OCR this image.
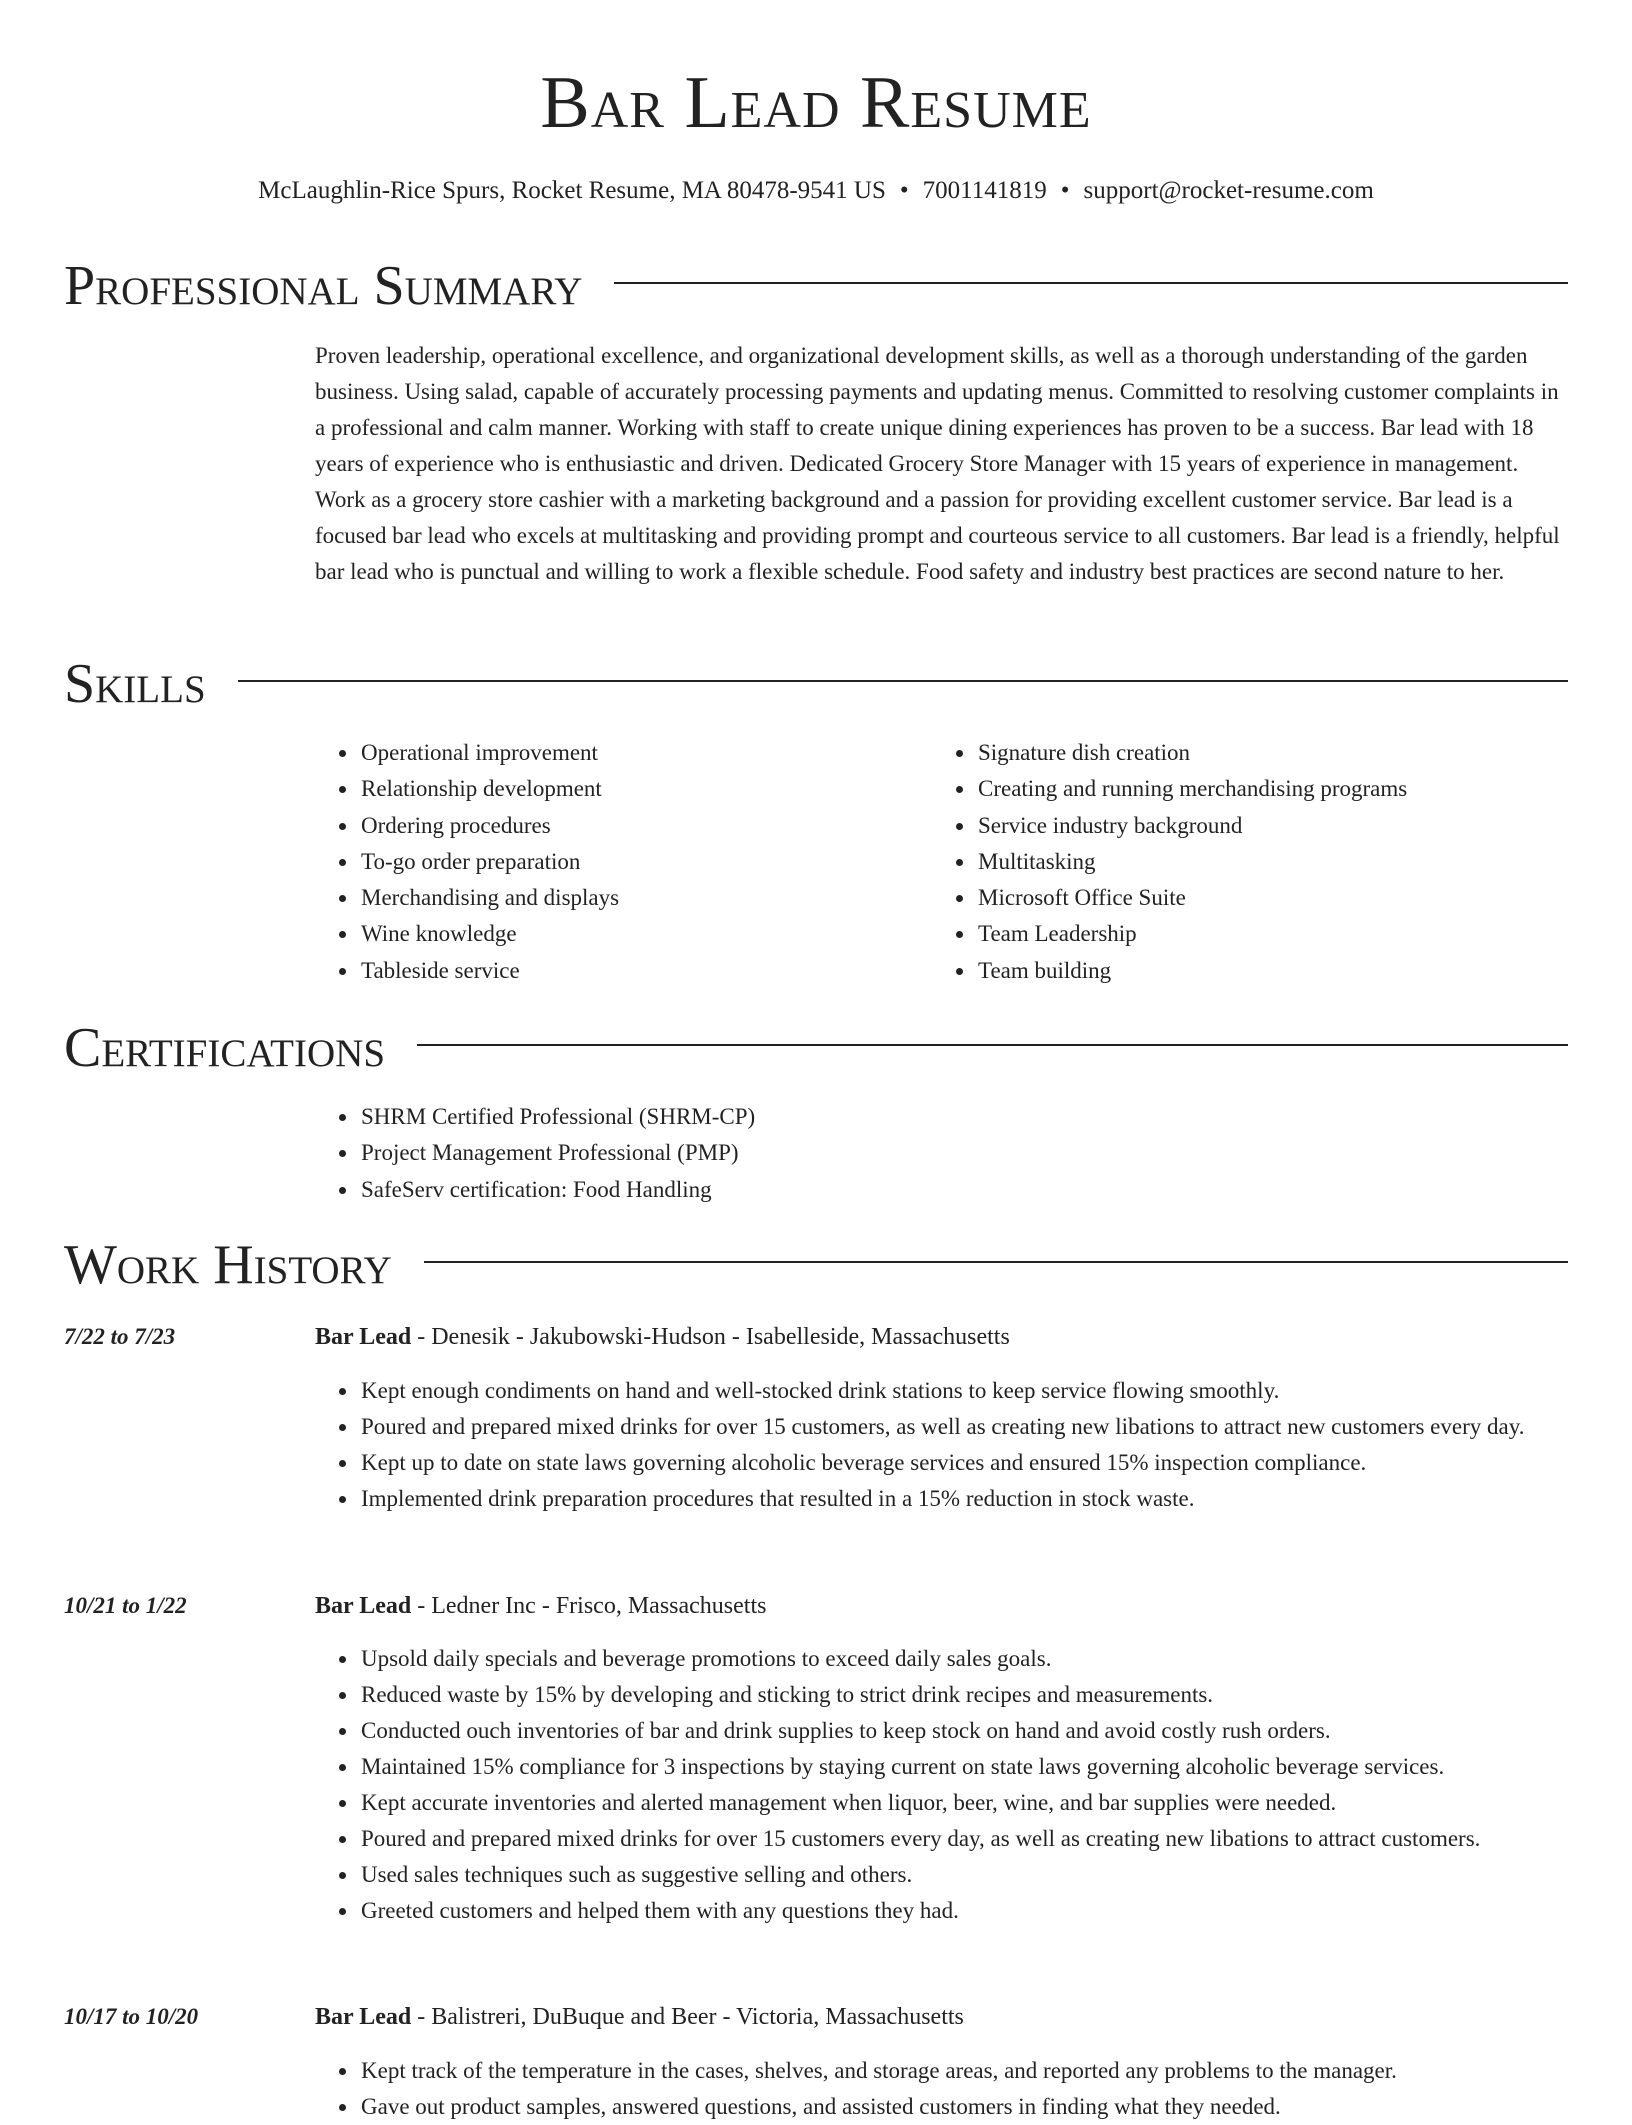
Bar Lead Resume
McLaughlin-Rice Spurs, Rocket Resume, MA 80478-9541 US • 7001141819 • support@rocket-resume.com
Professional Summary

Proven leadership, operational excellence, and organizational development skills, as well as a thorough understanding of the garden business. Using salad, capable of accurately processing payments and updating menus. Committed to resolving customer complaints in a professional and calm manner. Working with staff to create unique dining experiences has proven to be a success. Bar lead with 18 years of experience who is enthusiastic and driven. Dedicated Grocery Store Manager with 15 years of experience in management. Work as a grocery store cashier with a marketing background and a passion for providing excellent customer service. Bar lead is a focused bar lead who excels at multitasking and providing prompt and courteous service to all customers. Bar lead is a friendly, helpful bar lead who is punctual and willing to work a flexible schedule. Food safety and industry best practices are second nature to her.

Skills
• Operational improvement
• Relationship development
• Ordering procedures
• To-go order preparation
• Merchandising and displays
• Wine knowledge
• Tableside service
• Signature dish creation
• Creating and running merchandising programs
• Service industry background
• Multitasking
• Microsoft Office Suite
• Team Leadership
• Team building
Certifications
• SHRM Certified Professional (SHRM-CP)
• Project Management Professional (PMP)
• SafeServ certification: Food Handling
Work History
7/22 to 7/23	Bar Lead - Denesik - Jakubowski-Hudson - Isabelleside, Massachusetts
• Kept enough condiments on hand and well-stocked drink stations to keep service flowing smoothly.
• Poured and prepared mixed drinks for over 15 customers, as well as creating new libations to attract new customers every day.
• Kept up to date on state laws governing alcoholic beverage services and ensured 15% inspection compliance.
• Implemented drink preparation procedures that resulted in a 15% reduction in stock waste.
10/21 to 1/22	Bar Lead - Ledner Inc - Frisco, Massachusetts
• Upsold daily specials and beverage promotions to exceed daily sales goals.
• Reduced waste by 15% by developing and sticking to strict drink recipes and measurements.
• Conducted ouch inventories of bar and drink supplies to keep stock on hand and avoid costly rush orders.
• Maintained 15% compliance for 3 inspections by staying current on state laws governing alcoholic beverage services.
• Kept accurate inventories and alerted management when liquor, beer, wine, and bar supplies were needed.
• Poured and prepared mixed drinks for over 15 customers every day, as well as creating new libations to attract customers.
• Used sales techniques such as suggestive selling and others.
• Greeted customers and helped them with any questions they had.
10/17 to 10/20	Bar Lead - Balistreri, DuBuque and Beer - Victoria, Massachusetts
• Kept track of the temperature in the cases, shelves, and storage areas, and reported any problems to the manager.
• Gave out product samples, answered questions, and assisted customers in finding what they needed.
